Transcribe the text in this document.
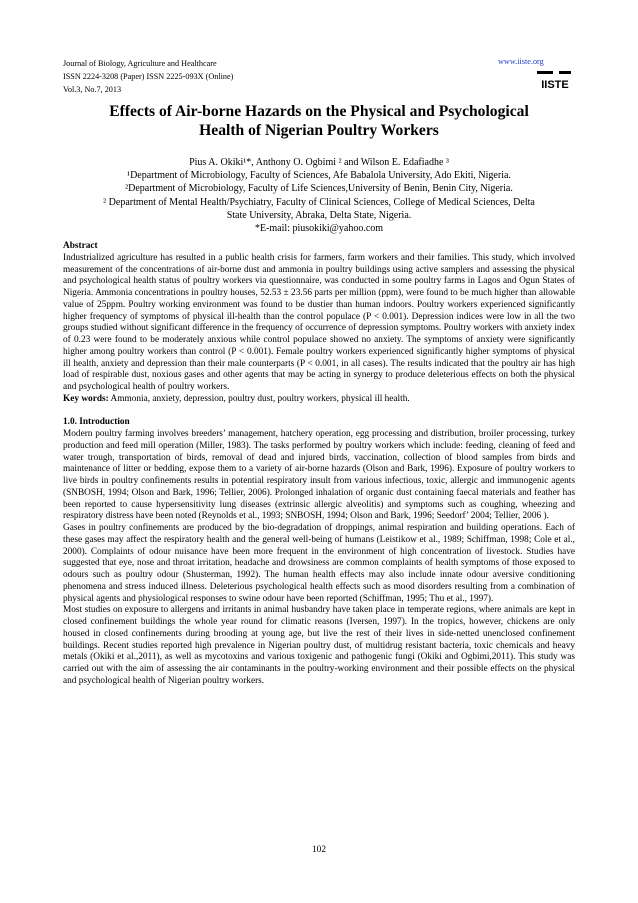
Journal of Biology, Agriculture and Healthcare
ISSN 2224-3208 (Paper) ISSN 2225-093X (Online)
Vol.3, No.7, 2013
www.iiste.org
IISTE
Effects of Air-borne Hazards on the Physical and Psychological
Health of Nigerian Poultry Workers
Pius A. Okiki¹*, Anthony O. Ogbimi ² and Wilson E. Edafiadhe ³
¹Department of Microbiology, Faculty of Sciences, Afe Babalola University, Ado Ekiti, Nigeria.
²Department of Microbiology, Faculty of Life Sciences,University of Benin, Benin City, Nigeria.
² Department of Mental Health/Psychiatry, Faculty of Clinical Sciences, College of Medical Sciences, Delta
State University, Abraka, Delta State, Nigeria.
*E-mail: piusokiki@yahoo.com

Abstract

Industrialized agriculture has resulted in a public health crisis for farmers, farm workers and their families. This study, which involved measurement of the concentrations of air-borne dust and ammonia in poultry buildings using active samplers and assessing the physical and psychological health status of poultry workers via questionnaire, was conducted in some poultry farms in Lagos and Ogun States of Nigeria. Ammonia concentrations in poultry houses, 52.53 ± 23.56 parts per million (ppm), were found to be much higher than allowable value of 25ppm. Poultry working environment was found to be dustier than human indoors. Poultry workers experienced significantly higher frequency of symptoms of physical ill-health than the control populace (P < 0.001). Depression indices were low in all the two groups studied without significant difference in the frequency of occurrence of depression symptoms. Poultry workers with anxiety index of 0.23 were found to be moderately anxious while control populace showed no anxiety. The symptoms of anxiety were significantly higher among poultry workers than control (P < 0.001). Female poultry workers experienced significantly higher symptoms of physical ill health, anxiety and depression than their male counterparts (P < 0.001, in all cases). The results indicated that the poultry air has high load of respirable dust, noxious gases and other agents that may be acting in synergy to produce deleterious effects on both the physical and psychological health of poultry workers.

Key words: Ammonia, anxiety, depression, poultry dust, poultry workers, physical ill health.

1.0. Introduction

Modern poultry farming involves breeders’ management, hatchery operation, egg processing and distribution, broiler processing, turkey production and feed mill operation (Miller, 1983). The tasks performed by poultry workers which include: feeding, cleaning of feed and water trough, transportation of birds, removal of dead and injured birds, vaccination, collection of blood samples from birds and maintenance of litter or bedding, expose them to a variety of air-borne hazards (Olson and Bark, 1996). Exposure of poultry workers to live birds in poultry confinements results in potential respiratory insult from various infectious, toxic, allergic and immunogenic agents (SNBOSH, 1994; Olson and Bark, 1996; Tellier, 2006). Prolonged inhalation of organic dust containing faecal materials and feather has been reported to cause hypersensitivity lung diseases (extrinsic allergic alveolitis) and symptoms such as coughing, wheezing and respiratory distress have been noted (Reynolds et al., 1993; SNBOSH, 1994; Olson and Bark, 1996; Seedorf’ 2004; Tellier, 2006 ).

Gases in poultry confinements are produced by the bio-degradation of droppings, animal respiration and building operations. Each of these gases may affect the respiratory health and the general well-being of humans (Leistikow et al., 1989; Schiffman, 1998; Cole et al., 2000). Complaints of odour nuisance have been more frequent in the environment of high concentration of livestock. Studies have suggested that eye, nose and throat irritation, headache and drowsiness are common complaints of health symptoms of those exposed to odours such as poultry odour (Shusterman, 1992). The human health effects may also include innate odour aversive conditioning phenomena and stress induced illness. Deleterious psychological health effects such as mood disorders resulting from a combination of physical agents and physiological responses to swine odour have been reported (Schiffman, 1995; Thu et al., 1997).

Most studies on exposure to allergens and irritants in animal husbandry have taken place in temperate regions, where animals are kept in closed confinement buildings the whole year round for climatic reasons (Iversen, 1997). In the tropics, however, chickens are only housed in closed confinements during brooding at young age, but live the rest of their lives in side-netted unenclosed confinement buildings. Recent studies reported high prevalence in Nigerian poultry dust, of multidrug resistant bacteria, toxic chemicals and heavy metals (Okiki et al.,2011), as well as mycotoxins and various toxigenic and pathogenic fungi (Okiki and Ogbimi,2011). This study was carried out with the aim of assessing the air contaminants in the poultry-working environment and their possible effects on the physical and psychological health of Nigerian poultry workers.

102
